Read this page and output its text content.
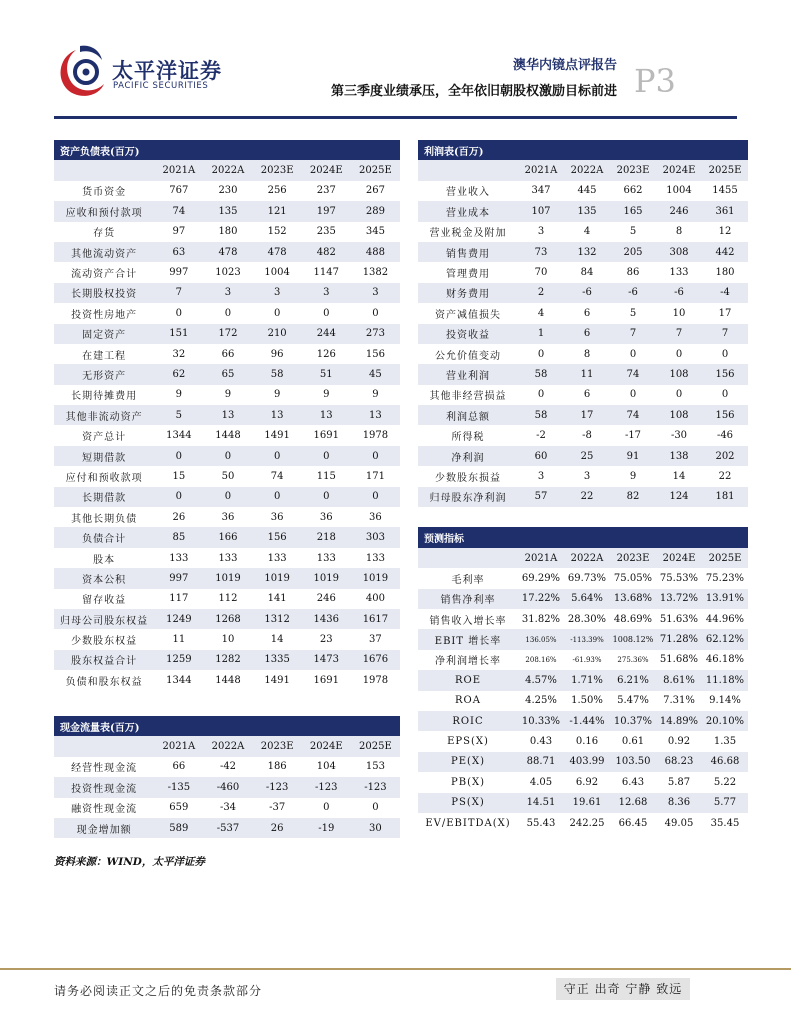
太平洋证券
PACIFIC SECURITIES
澳华内镜点评报告
第三季度业绩承压，全年依旧朝股权激励目标前进 P3
资产负债表(百万)					
	2021A	2022A	2023E	2024E	2025E
货币资金	767	230	256	237	267
应收和预付款项	74	135	121	197	289
存货	97	180	152	235	345
其他流动资产	63	478	478	482	488
流动资产合计	997	1023	1004	1147	1382
长期股权投资	7	3	3	3	3
投资性房地产	0	0	0	0	0
固定资产	151	172	210	244	273
在建工程	32	66	96	126	156
无形资产	62	65	58	51	45
长期待摊费用	9	9	9	9	9
其他非流动资产	5	13	13	13	13
资产总计	1344	1448	1491	1691	1978
短期借款	0	0	0	0	0
应付和预收款项	15	50	74	115	171
长期借款	0	0	0	0	0
其他长期负债	26	36	36	36	36
负债合计	85	166	156	218	303
股本	133	133	133	133	133
资本公积	997	1019	1019	1019	1019
留存收益	117	112	141	246	400
归母公司股东权益	1249	1268	1312	1436	1617
少数股东权益	11	10	14	23	37
股东权益合计	1259	1282	1335	1473	1676
负债和股东权益	1344	1448	1491	1691	1978
利润表(百万)					
	2021A	2022A	2023E	2024E	2025E
营业收入	347	445	662	1004	1455
营业成本	107	135	165	246	361
营业税金及附加	3	4	5	8	12
销售费用	73	132	205	308	442
管理费用	70	84	86	133	180
财务费用	2	-6	-6	-6	-4
资产减值损失	4	6	5	10	17
投资收益	1	6	7	7	7
公允价值变动	0	8	0	0	0
营业利润	58	11	74	108	156
其他非经营损益	0	6	0	0	0
利润总额	58	17	74	108	156
所得税	-2	-8	-17	-30	-46
净利润	60	25	91	138	202
少数股东损益	3	3	9	14	22
归母股东净利润	57	22	82	124	181

预测指标					
	2021A	2022A	2023E	2024E	2025E
毛利率	69.29%	69.73%	75.05%	75.53%	75.23%
销售净利率	17.22%	5.64%	13.68%	13.72%	13.91%
销售收入增长率	31.82%	28.30%	48.69%	51.63%	44.96%
EBIT 增长率	136.05%	-113.39%	1008.12%	71.28%	62.12%
净利润增长率	208.16%	-61.93%	275.36%	51.68%	46.18%
ROE	4.57%	1.71%	6.21%	8.61%	11.18%
ROA	4.25%	1.50%	5.47%	7.31%	9.14%
ROIC	10.33%	-1.44%	10.37%	14.89%	20.10%
EPS(X)	0.43	0.16	0.61	0.92	1.35
PE(X)	88.71	403.99	103.50	68.23	46.68
PB(X)	4.05	6.92	6.43	5.87	5.22
PS(X)	14.51	19.61	12.68	8.36	5.77
EV/EBITDA(X)	55.43	242.25	66.45	49.05	35.45
现金流量表(百万)					
	2021A	2022A	2023E	2024E	2025E
经营性现金流	66	-42	186	104	153
投资性现金流	-135	-460	-123	-123	-123
融资性现金流	659	-34	-37	0	0
现金增加额	589	-537	26	-19	30
资料来源：WIND，太平洋证券
请务必阅读正文之后的免责条款部分	守正 出奇 宁静 致远
